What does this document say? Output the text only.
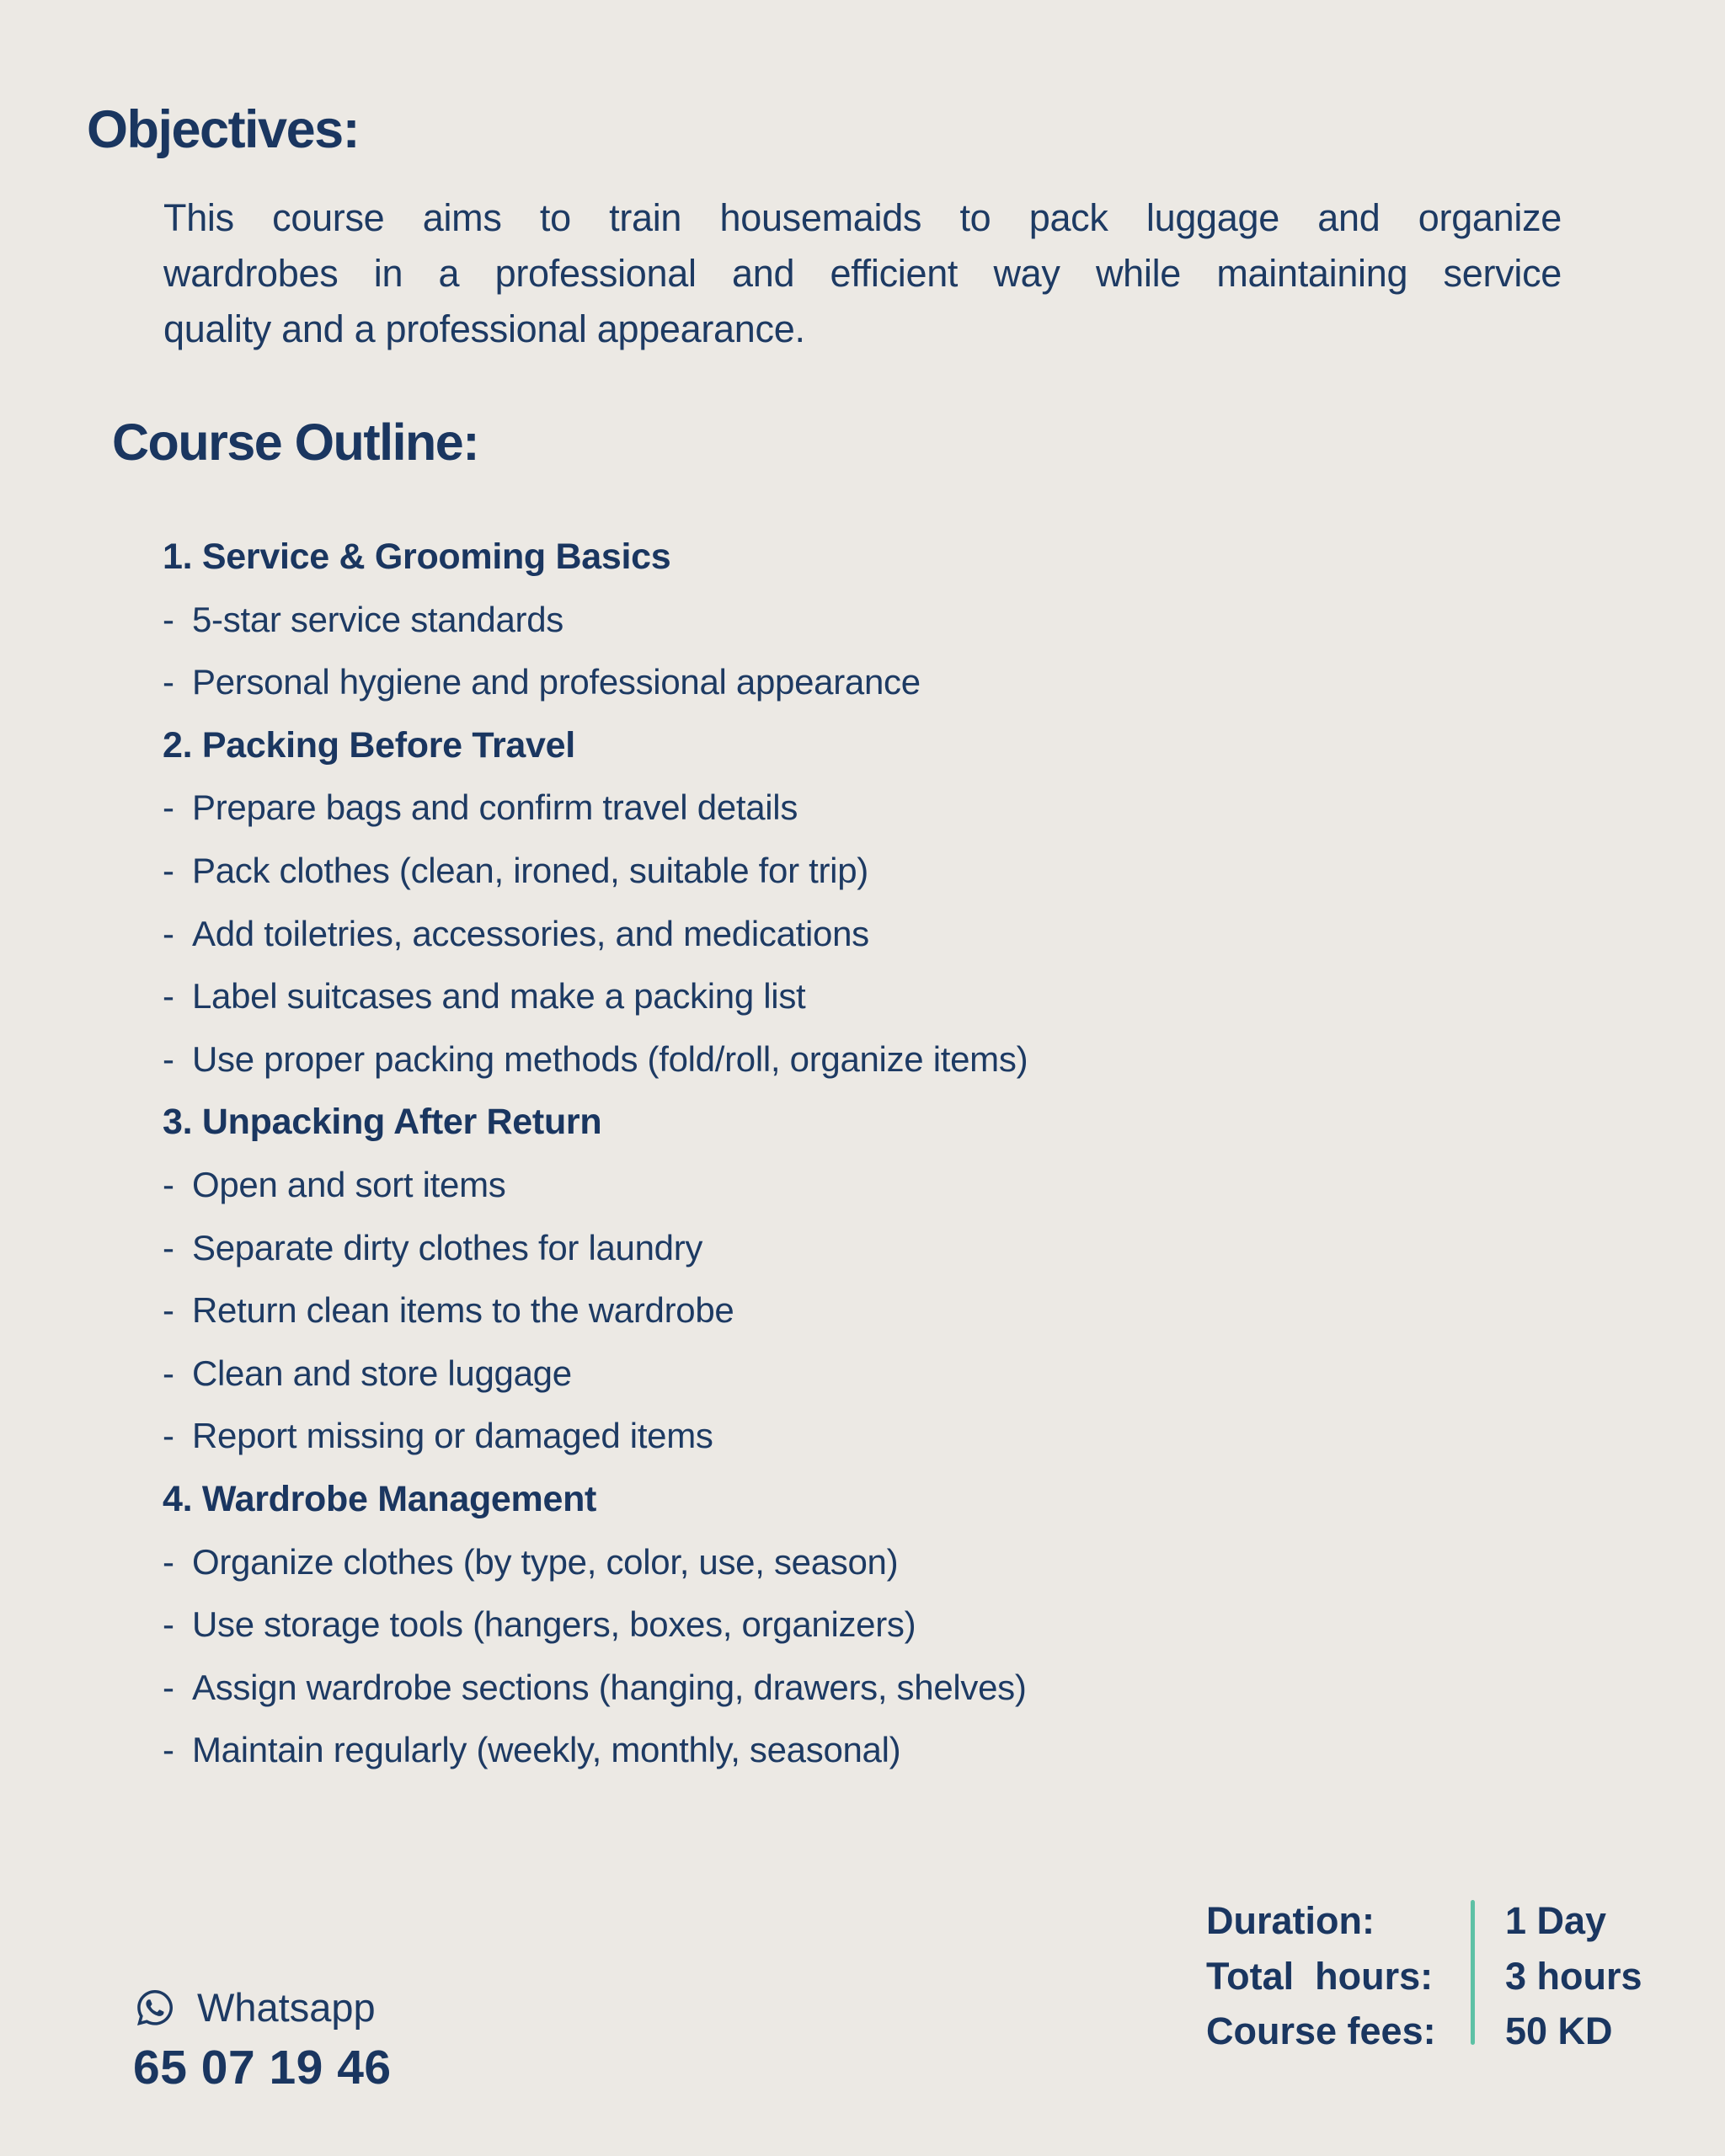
Objectives:
This course aims to train housemaids to pack luggage and organize
wardrobes in a professional and efficient way while maintaining service
quality and a professional appearance.
Course Outline:
1. Service & Grooming Basics
- 5-star service standards
- Personal hygiene and professional appearance
2. Packing Before Travel
- Prepare bags and confirm travel details
- Pack clothes (clean, ironed, suitable for trip)
- Add toiletries, accessories, and medications
- Label suitcases and make a packing list
- Use proper packing methods (fold/roll, organize items)
3. Unpacking After Return
- Open and sort items
- Separate dirty clothes for laundry
- Return clean items to the wardrobe
- Clean and store luggage
- Report missing or damaged items
4. Wardrobe Management
- Organize clothes (by type, color, use, season)
- Use storage tools (hangers, boxes, organizers)
- Assign wardrobe sections (hanging, drawers, shelves)
- Maintain regularly (weekly, monthly, seasonal)
Whatsapp
65 07 19 46
Duration:	1 Day
Total  hours:	3 hours
Course fees:	50 KD
